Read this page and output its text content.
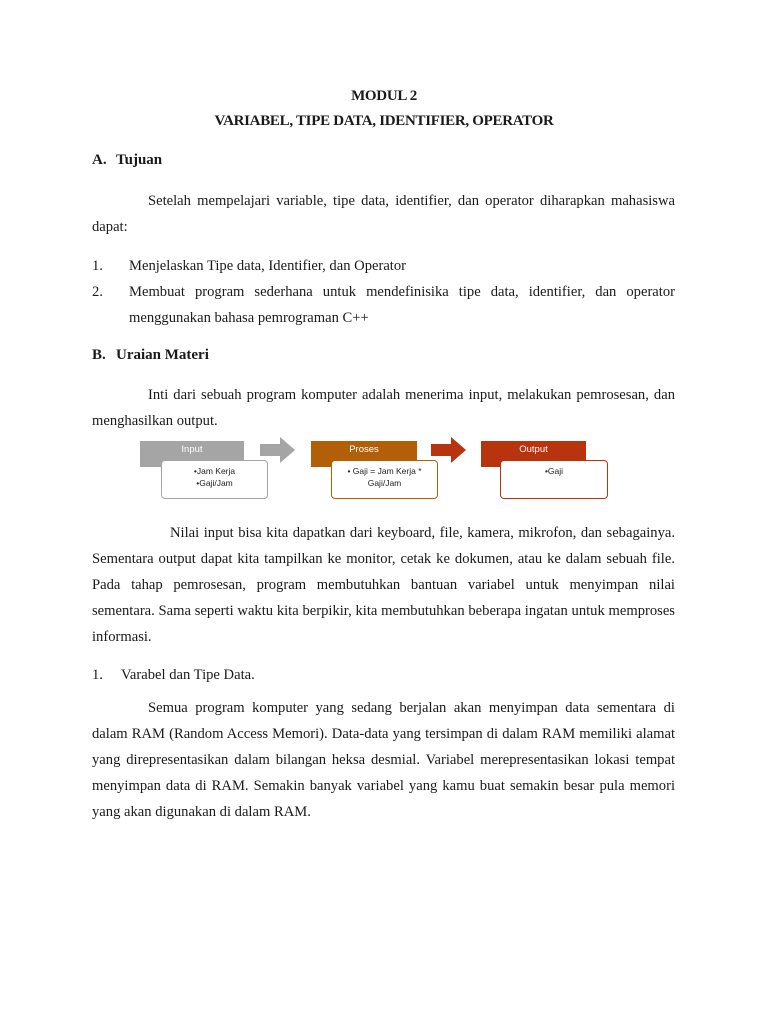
MODUL 2
VARIABEL, TIPE DATA, IDENTIFIER, OPERATOR
A. Tujuan
Setelah mempelajari variable, tipe data, identifier, dan operator diharapkan mahasiswa dapat:
1. Menjelaskan Tipe data, Identifier, dan Operator
2. Membuat program sederhana untuk mendefinisika tipe data, identifier, dan operator menggunakan bahasa pemrograman C++
B. Uraian Materi
Inti dari sebuah program komputer adalah menerima input, melakukan pemrosesan, dan menghasilkan output.
Input
•Jam Kerja
•Gaji/Jam
Proses
• Gaji = Jam Kerja *
Gaji/Jam
Output
•Gaji
Nilai input bisa kita dapatkan dari keyboard, file, kamera, mikrofon, dan sebagainya. Sementara output dapat kita tampilkan ke monitor, cetak ke dokumen, atau ke dalam sebuah file. Pada tahap pemrosesan, program membutuhkan bantuan variabel untuk menyimpan nilai sementara. Sama seperti waktu kita berpikir, kita membutuhkan beberapa ingatan untuk memproses informasi.
1. Varabel dan Tipe Data.
Semua program komputer yang sedang berjalan akan menyimpan data sementara di dalam RAM (Random Access Memori). Data-data yang tersimpan di dalam RAM memiliki alamat yang direpresentasikan dalam bilangan heksa desmial. Variabel merepresentasikan lokasi tempat menyimpan data di RAM. Semakin banyak variabel yang kamu buat semakin besar pula memori yang akan digunakan di dalam RAM.
